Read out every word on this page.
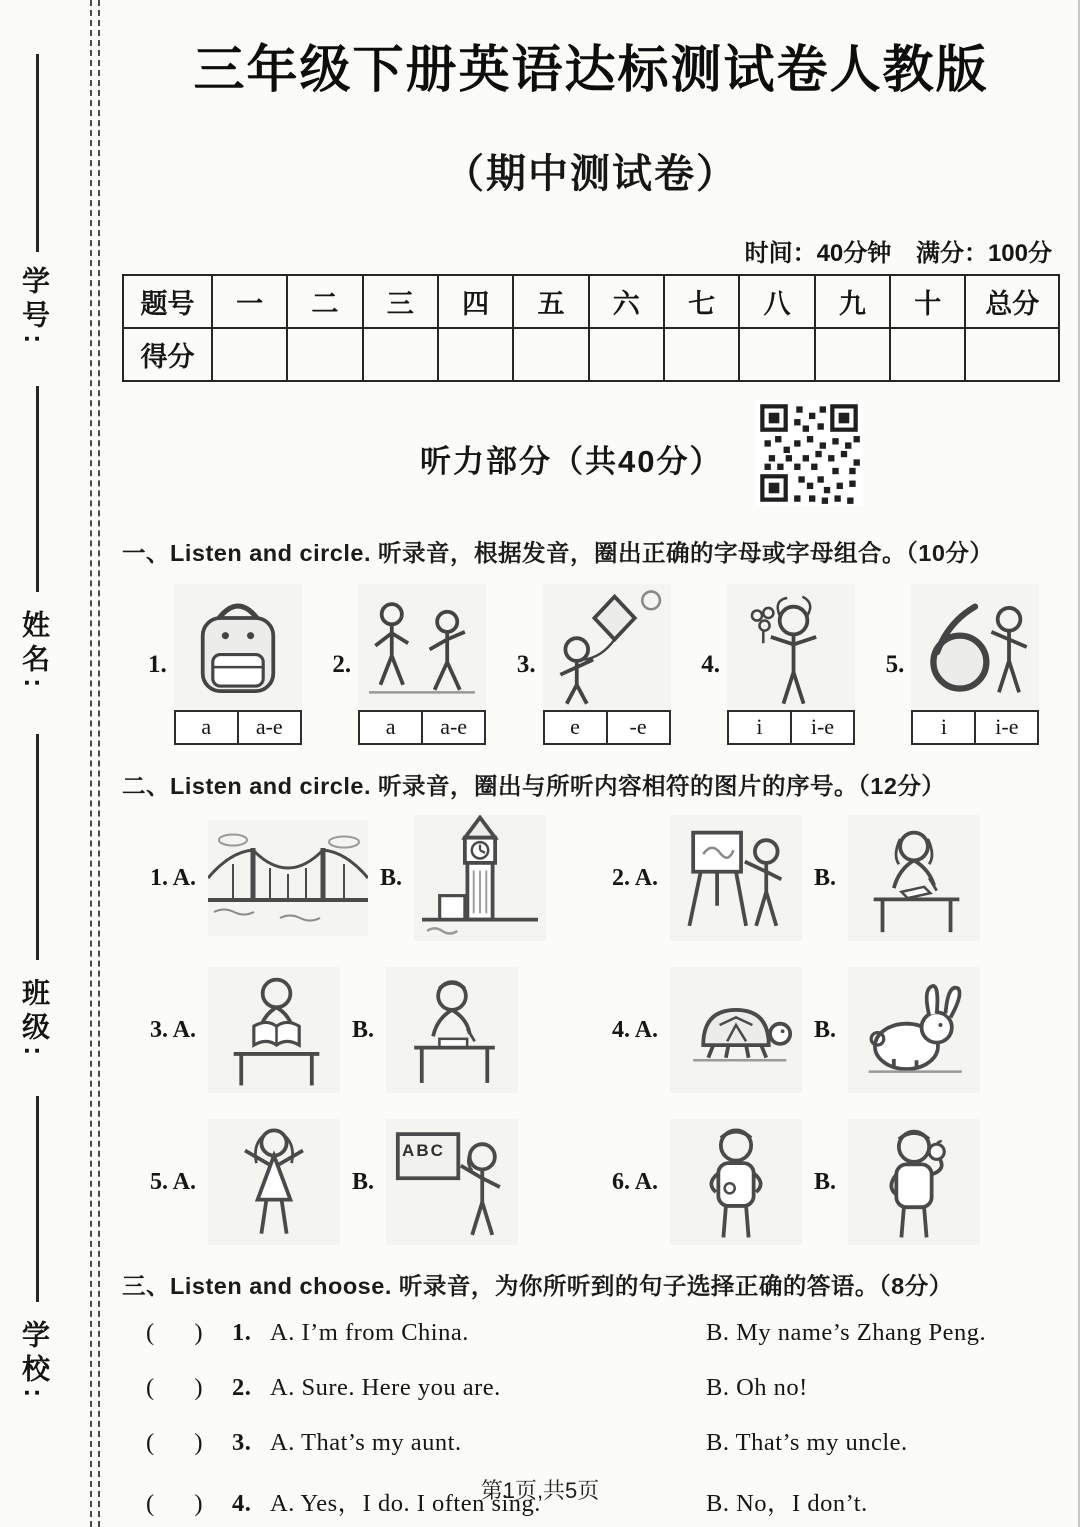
学号:
姓名:
班级:
学校:
三年级下册英语达标测试卷人教版
（期中测试卷）
时间：40分钟 满分：100分
题号	一	二	三	四	五	六	七	八	九	十	总分
得分											
听力部分（共40分）
一、Listen and circle. 听录音，根据发音，圈出正确的字母或字母组合。（10分）
1.
a	a-e
2.
a	a-e
3.
e	-e
4.
i	i-e
5.
i	i-e
二、Listen and circle. 听录音，圈出与所听内容相符的图片的序号。（12分）
1. A.	B.	2. A.	B.
3. A.	B.	4. A.	B.
5. A.	B.
ABC
6. A.	B.
三、Listen and choose. 听录音，为你所听到的句子选择正确的答语。（8分）
(      )	1. A. I’m from China.	B. My name’s Zhang Peng.
(      )	2. A. Sure. Here you are.	B. Oh no!
(      )	3. A. That’s my aunt.	B. That’s my uncle.
(      )	4. A. Yes，I do. I often sing.	B. No，I don’t.
第1页,共5页
